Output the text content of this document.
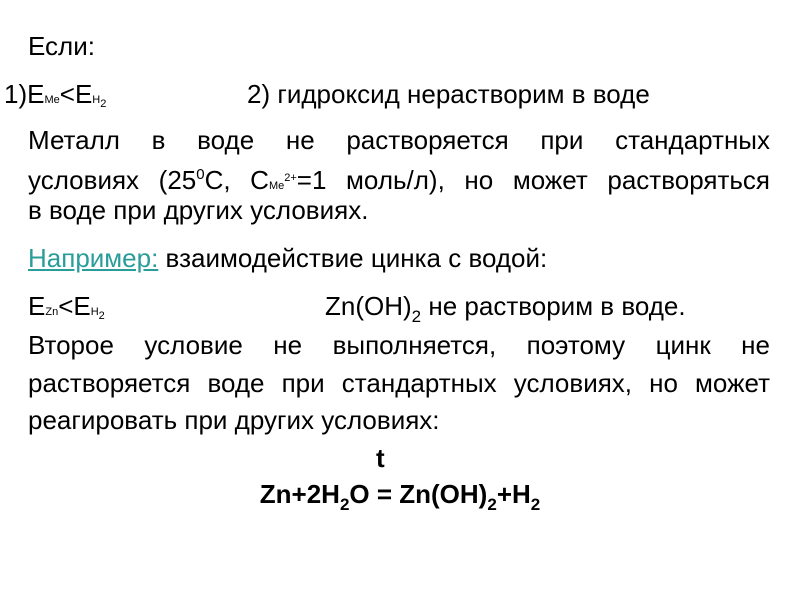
Если:
1)EMe<EH2	2) гидроксид нерастворим в воде
Металл в воде не растворяется при стандартных
условиях ($25^0С$, СMe$^{2+}$=1 моль/л), но может растворяться
в воде при других условиях.
Например: взаимодействие цинка с водой:
EZn<EH2	$Zn(OH)_2$ не растворим в воде.
Второе условие не выполняется, поэтому цинк не
растворяется воде при стандартных условиях, но может
реагировать при других условиях:
t
$Zn+2H_2O = Zn(OH)_2+H_2$
